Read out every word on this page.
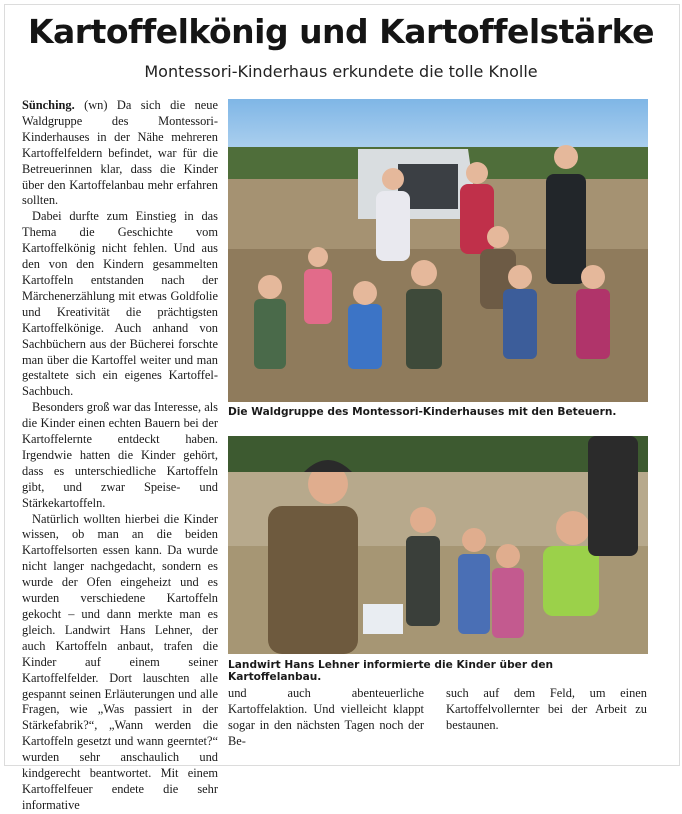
Kartoffelkönig und Kartoffelstärke
Montessori-Kinderhaus erkundete die tolle Knolle

Sünching. (wn) Da sich die neue Waldgruppe des Montessori-Kinderhauses in der Nähe mehreren Kartoffelfeldern befindet, war für die Betreuerinnen klar, dass die Kinder über den Kartoffelanbau mehr erfahren sollten.

Dabei durfte zum Einstieg in das Thema die Geschichte vom Kartoffelkönig nicht fehlen. Und aus den von den Kindern gesammelten Kartoffeln entstanden nach der Märchenerzählung mit etwas Goldfolie und Kreativität die prächtigsten Kartoffelkönige. Auch anhand von Sachbüchern aus der Bücherei forschte man über die Kartoffel weiter und man gestaltete sich ein eigenes Kartoffel-Sachbuch.

Besonders groß war das Interesse, als die Kinder einen echten Bauern bei der Kartoffelernte entdeckt haben. Irgendwie hatten die Kinder gehört, dass es unterschiedliche Kartoffeln gibt, und zwar Speise- und Stärkekartoffeln.

Natürlich wollten hierbei die Kinder wissen, ob man an die beiden Kartoffelsorten essen kann. Da wurde nicht langer nachgedacht, sondern es wurde der Ofen eingeheizt und es wurden verschiedene Kartoffeln gekocht – und dann merkte man es gleich. Landwirt Hans Lehner, der auch Kartoffeln anbaut, trafen die Kinder auf einem seiner Kartoffelfelder. Dort lauschten alle gespannt seinen Erläuterungen und alle Fragen, wie „Was passiert in der Stärkefabrik?“, „Wann werden die Kartoffeln gesetzt und wann geerntet?“ wurden sehr anschaulich und kindgerecht beantwortet. Mit einem Kartoffelfeuer endete die sehr informative

Die Waldgruppe des Montessori-Kinderhauses mit den Beteuern.
Landwirt Hans Lehner informierte die Kinder über den Kartoffelanbau.

und auch abenteuerliche Kartoffelaktion. Und vielleicht klappt sogar in den nächsten Tagen noch der Be-

such auf dem Feld, um einen Kartoffelvollernter bei der Arbeit zu bestaunen.
